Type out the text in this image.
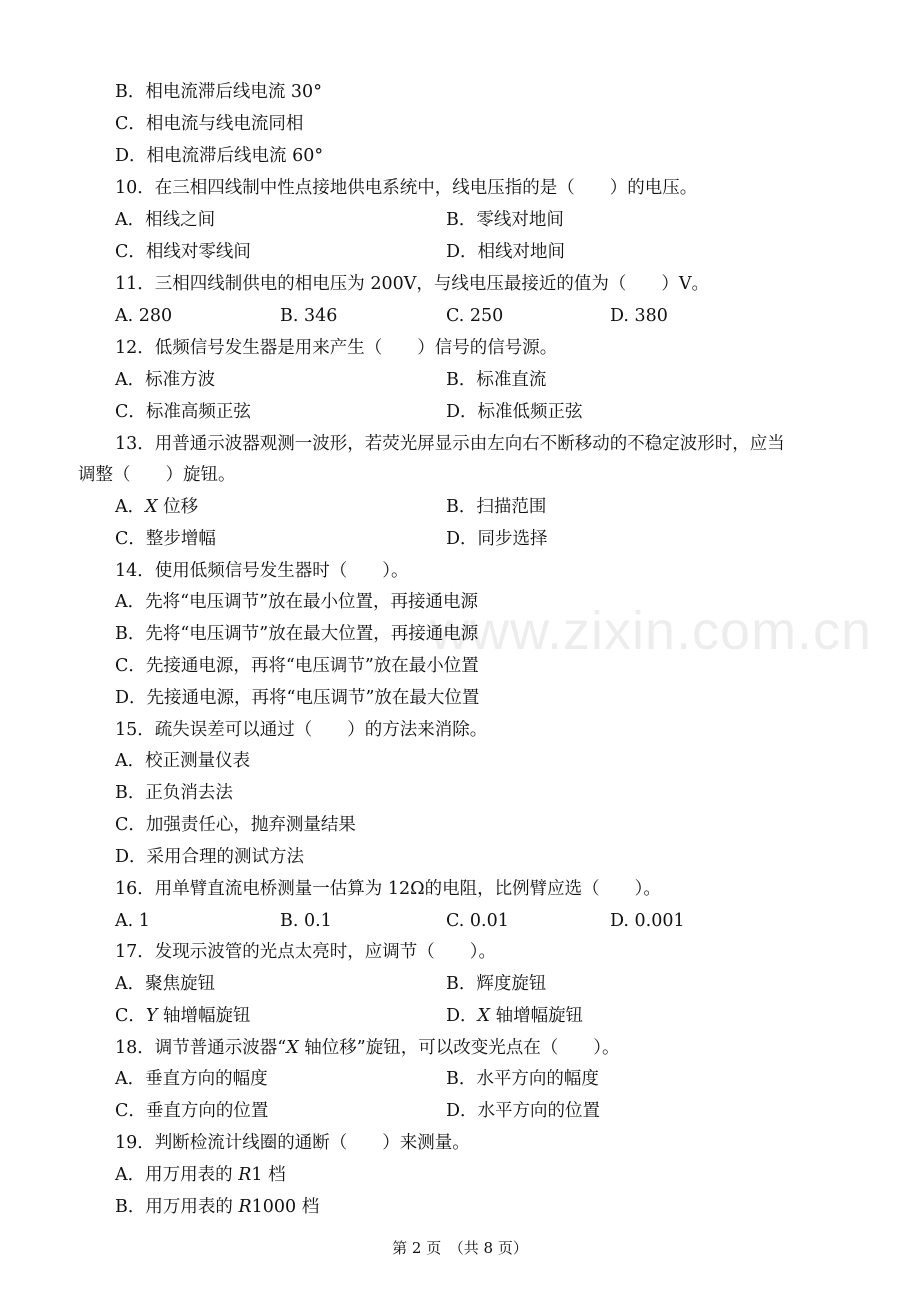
B．相电流滞后线电流 30°
C．相电流与线电流同相
D．相电流滞后线电流 60°
10．在三相四线制中性点接地供电系统中，线电压指的是（　　）的电压。
A．相线之间	B．零线对地间
C．相线对零线间	D．相线对地间
11．三相四线制供电的相电压为 200V，与线电压最接近的值为（　　）V。
A. 280	B. 346	C. 250	D. 380
12．低频信号发生器是用来产生（　　）信号的信号源。
A．标准方波	B．标准直流
C．标准高频正弦	D．标准低频正弦
13．用普通示波器观测一波形，若荧光屏显示由左向右不断移动的不稳定波形时，应当
调整（　　）旋钮。
A．X 位移	B．扫描范围
C．整步增幅	D．同步选择
14．使用低频信号发生器时（　　）。
A．先将“电压调节”放在最小位置，再接通电源
B．先将“电压调节”放在最大位置，再接通电源
C．先接通电源，再将“电压调节”放在最小位置
D．先接通电源，再将“电压调节”放在最大位置
15．疏失误差可以通过（　　）的方法来消除。
A．校正测量仪表
B．正负消去法
C．加强责任心，抛弃测量结果
D．采用合理的测试方法
16．用单臂直流电桥测量一估算为 12Ω的电阻，比例臂应选（　　）。
A. 1	B. 0.1	C. 0.01	D. 0.001
17．发现示波管的光点太亮时，应调节（　　）。
A．聚焦旋钮	B．辉度旋钮
C．Y 轴增幅旋钮	D．X 轴增幅旋钮
18．调节普通示波器“X 轴位移”旋钮，可以改变光点在（　　）。
A．垂直方向的幅度	B．水平方向的幅度
C．垂直方向的位置	D．水平方向的位置
19．判断检流计线圈的通断（　　）来测量。
A．用万用表的 R1 档
B．用万用表的 R1000 档
www.zixin.com.cn
第 2 页　（共 8 页）
